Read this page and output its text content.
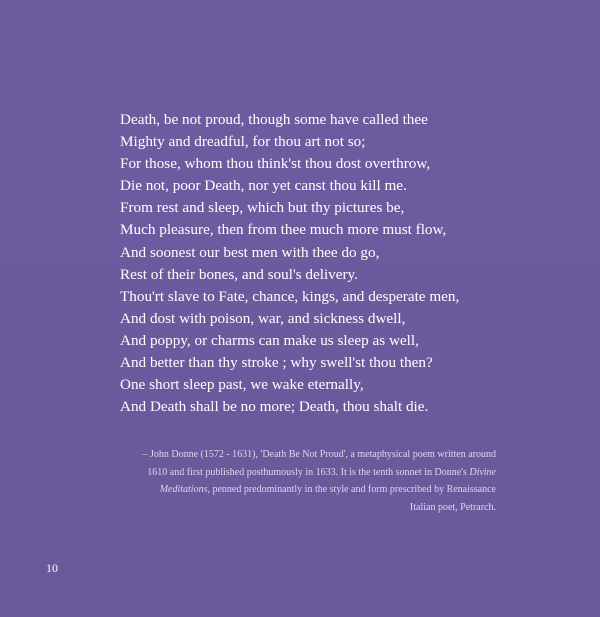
Death, be not proud, though some have called thee
Mighty and dreadful, for thou art not so;
For those, whom thou think'st thou dost overthrow,
Die not, poor Death, nor yet canst thou kill me.
From rest and sleep, which but thy pictures be,
Much pleasure, then from thee much more must flow,
And soonest our best men with thee do go,
Rest of their bones, and soul's delivery.
Thou'rt slave to Fate, chance, kings, and desperate men,
And dost with poison, war, and sickness dwell,
And poppy, or charms can make us sleep as well,
And better than thy stroke ; why swell'st thou then?
One short sleep past, we wake eternally,
And Death shall be no more; Death, thou shalt die.
– John Donne (1572 - 1631), 'Death Be Not Proud', a metaphysical poem written around
1610 and first published posthumously in 1633. It is the tenth sonnet in Donne's Divine
Meditations, penned predominantly in the style and form prescribed by Renaissance
Italian poet, Petrarch.
10
